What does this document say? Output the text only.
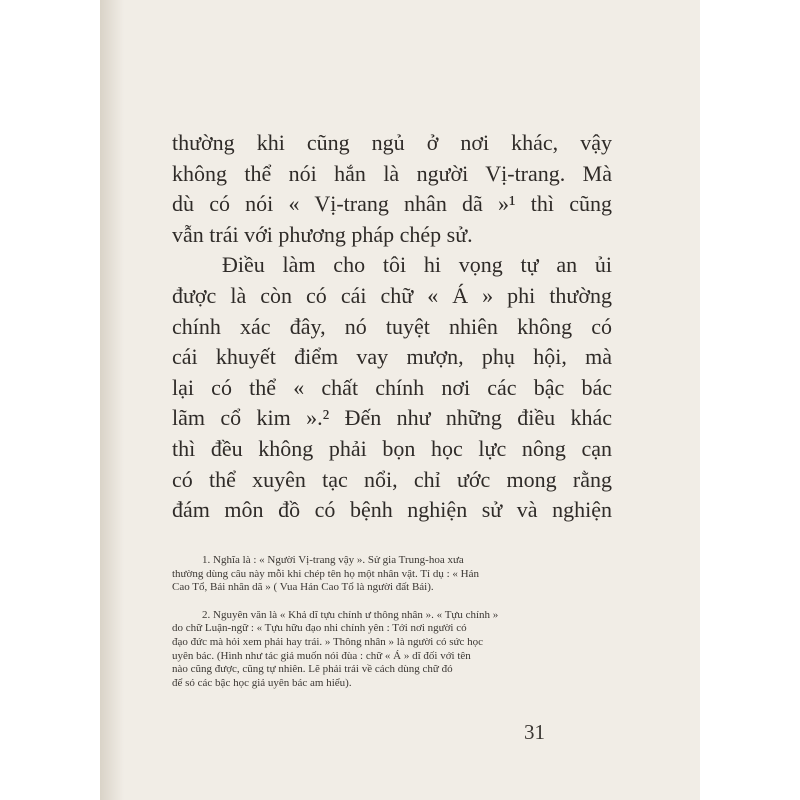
thường khi cũng ngủ ở nơi khác, vậy
không thể nói hắn là người Vị-trang. Mà
dù có nói « Vị-trang nhân dã »¹ thì cũng
vẫn trái với phương pháp chép sử.
Điều làm cho tôi hi vọng tự an ủi
được là còn có cái chữ « Á » phi thường
chính xác đây, nó tuyệt nhiên không có
cái khuyết điểm vay mượn, phụ hội, mà
lại có thể « chất chính nơi các bậc bác
lãm cổ kim ».² Đến như những điều khác
thì đều không phải bọn học lực nông cạn
có thể xuyên tạc nổi, chỉ ước mong rằng
đám môn đồ có bệnh nghiện sử và nghiện
1. Nghĩa là : « Người Vị-trang vậy ». Sử gia Trung-hoa xưa
thường dùng câu này mỗi khi chép tên họ một nhân vật. Tỉ dụ : « Hán
Cao Tổ, Bái nhân dã » ( Vua Hán Cao Tổ là người đất Bái).
2. Nguyên văn là « Khả dĩ tựu chính ư thông nhân ». « Tựu chính »
do chữ Luận-ngữ : « Tựu hữu đạo nhi chính yên : Tới nơi người có
đạo đức mà hỏi xem phải hay trái. » Thông nhân » là người có sức học
uyên bác. (Hình như tác giả muốn nói đùa : chữ « Á » dĩ đối với tên
nào cũng được, cũng tự nhiên. Lẽ phải trái về cách dùng chữ đó
để só các bậc học giả uyên bác am hiểu).
31
